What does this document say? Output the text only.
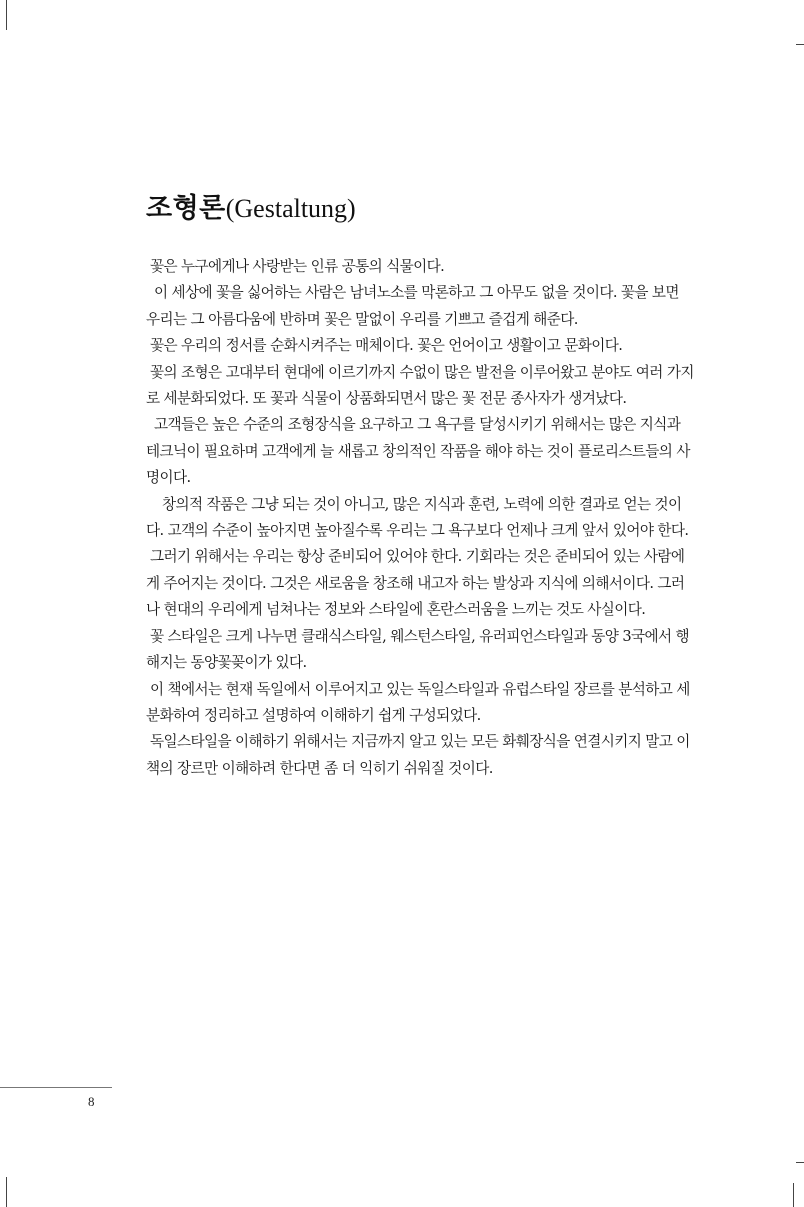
조형론(Gestaltung)

꽃은 누구에게나 사랑받는 인류 공통의 식물이다.

이 세상에 꽃을 싫어하는 사람은 남녀노소를 막론하고 그 아무도 없을 것이다. 꽃을 보면 우리는 그 아름다움에 반하며 꽃은 말없이 우리를 기쁘고 즐겁게 해준다.

꽃은 우리의 정서를 순화시켜주는 매체이다. 꽃은 언어이고 생활이고 문화이다.

꽃의 조형은 고대부터 현대에 이르기까지 수없이 많은 발전을 이루어왔고 분야도 여러 가지로 세분화되었다. 또 꽃과 식물이 상품화되면서 많은 꽃 전문 종사자가 생겨났다.

고객들은 높은 수준의 조형장식을 요구하고 그 욕구를 달성시키기 위해서는 많은 지식과 테크닉이 필요하며 고객에게 늘 새롭고 창의적인 작품을 해야 하는 것이 플로리스트들의 사명이다.

창의적 작품은 그냥 되는 것이 아니고, 많은 지식과 훈련, 노력에 의한 결과로 얻는 것이다. 고객의 수준이 높아지면 높아질수록 우리는 그 욕구보다 언제나 크게 앞서 있어야 한다.

그러기 위해서는 우리는 항상 준비되어 있어야 한다. 기회라는 것은 준비되어 있는 사람에게 주어지는 것이다. 그것은 새로움을 창조해 내고자 하는 발상과 지식에 의해서이다. 그러나 현대의 우리에게 넘쳐나는 정보와 스타일에 혼란스러움을 느끼는 것도 사실이다.

꽃 스타일은 크게 나누면 클래식스타일, 웨스턴스타일, 유러피언스타일과 동양 3국에서 행해지는 동양꽃꽂이가 있다.

이 책에서는 현재 독일에서 이루어지고 있는 독일스타일과 유럽스타일 장르를 분석하고 세분화하여 정리하고 설명하여 이해하기 쉽게 구성되었다.

독일스타일을 이해하기 위해서는 지금까지 알고 있는 모든 화훼장식을 연결시키지 말고 이 책의 장르만 이해하려 한다면 좀 더 익히기 쉬워질 것이다.

8
